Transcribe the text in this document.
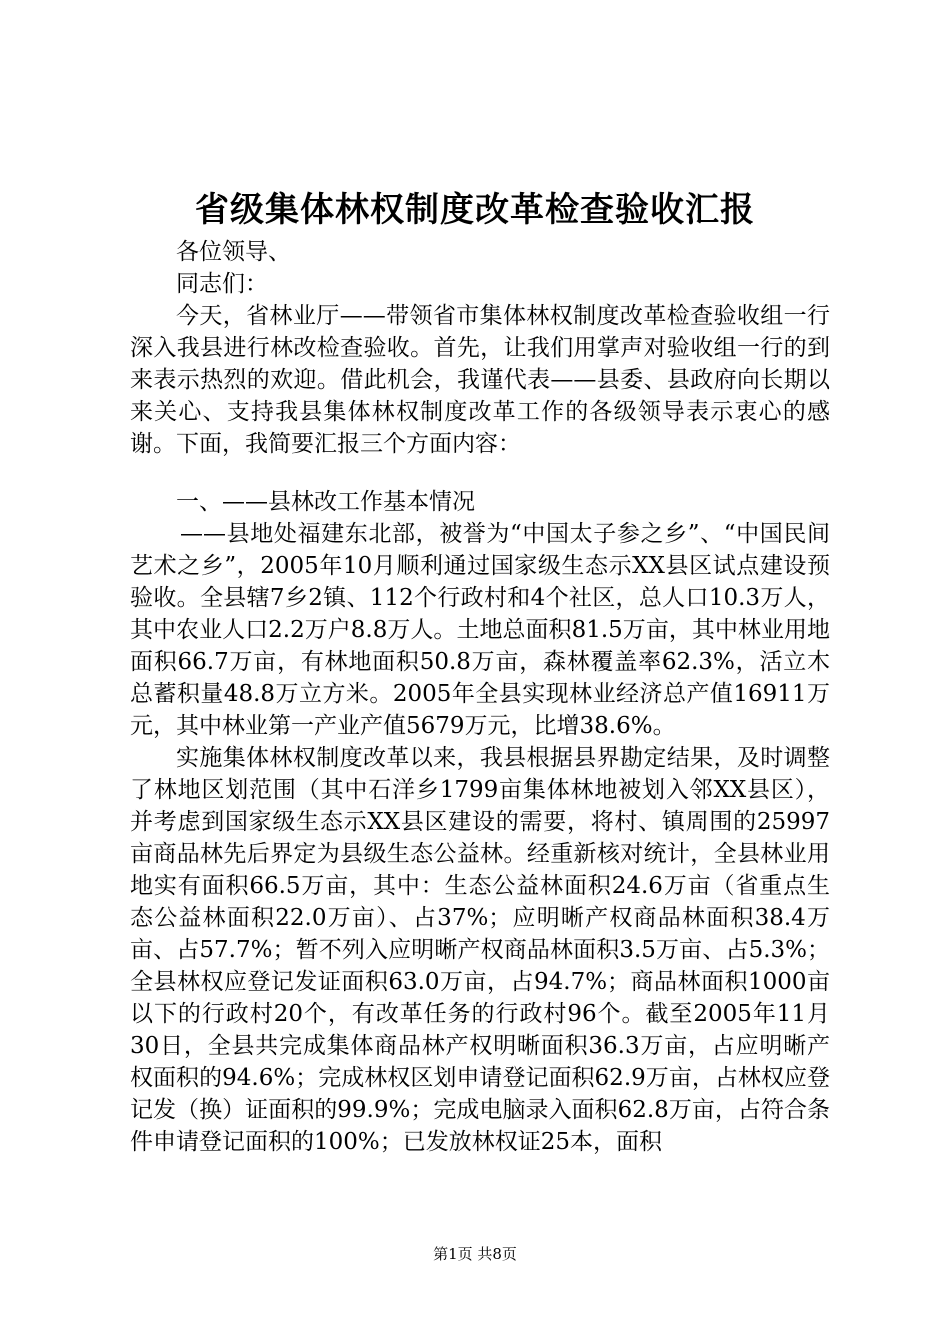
省级集体林权制度改革检查验收汇报

各位领导、

同志们：

今天，省林业厅——带领省市集体林权制度改革检查验收组一行深入我县进行林改检查验收。首先，让我们用掌声对验收组一行的到来表示热烈的欢迎。借此机会，我谨代表——县委、县政府向长期以来关心、支持我县集体林权制度改革工作的各级领导表示衷心的感谢。下面，我简要汇报三个方面内容：

一、——县林改工作基本情况

——县地处福建东北部，被誉为“中国太子参之乡”、“中国民间艺术之乡”，2005年10月顺利通过国家级生态示XX县区试点建设预验收。全县辖7乡2镇、112个行政村和4个社区，总人口10.3万人，其中农业人口2.2万户8.8万人。土地总面积81.5万亩，其中林业用地面积66.7万亩，有林地面积50.8万亩，森林覆盖率62.3%，活立木总蓄积量48.8万立方米。2005年全县实现林业经济总产值16911万元，其中林业第一产业产值5679万元，比增38.6%。

实施集体林权制度改革以来，我县根据县界勘定结果，及时调整了林地区划范围（其中石洋乡1799亩集体林地被划入邻XX县区），并考虑到国家级生态示XX县区建设的需要，将村、镇周围的25997亩商品林先后界定为县级生态公益林。经重新核对统计，全县林业用地实有面积66.5万亩，其中：生态公益林面积24.6万亩（省重点生态公益林面积22.0万亩）、占37%；应明晰产权商品林面积38.4万亩、占57.7%；暂不列入应明晰产权商品林面积3.5万亩、占5.3%；全县林权应登记发证面积63.0万亩，占94.7%；商品林面积1000亩以下的行政村20个，有改革任务的行政村96个。截至2005年11月30日，全县共完成集体商品林产权明晰面积36.3万亩，占应明晰产权面积的94.6%；完成林权区划申请登记面积62.9万亩，占林权应登记发（换）证面积的99.9%；完成电脑录入面积62.8万亩，占符合条件申请登记面积的100%；已发放林权证25本，面积

第1页 共8页
